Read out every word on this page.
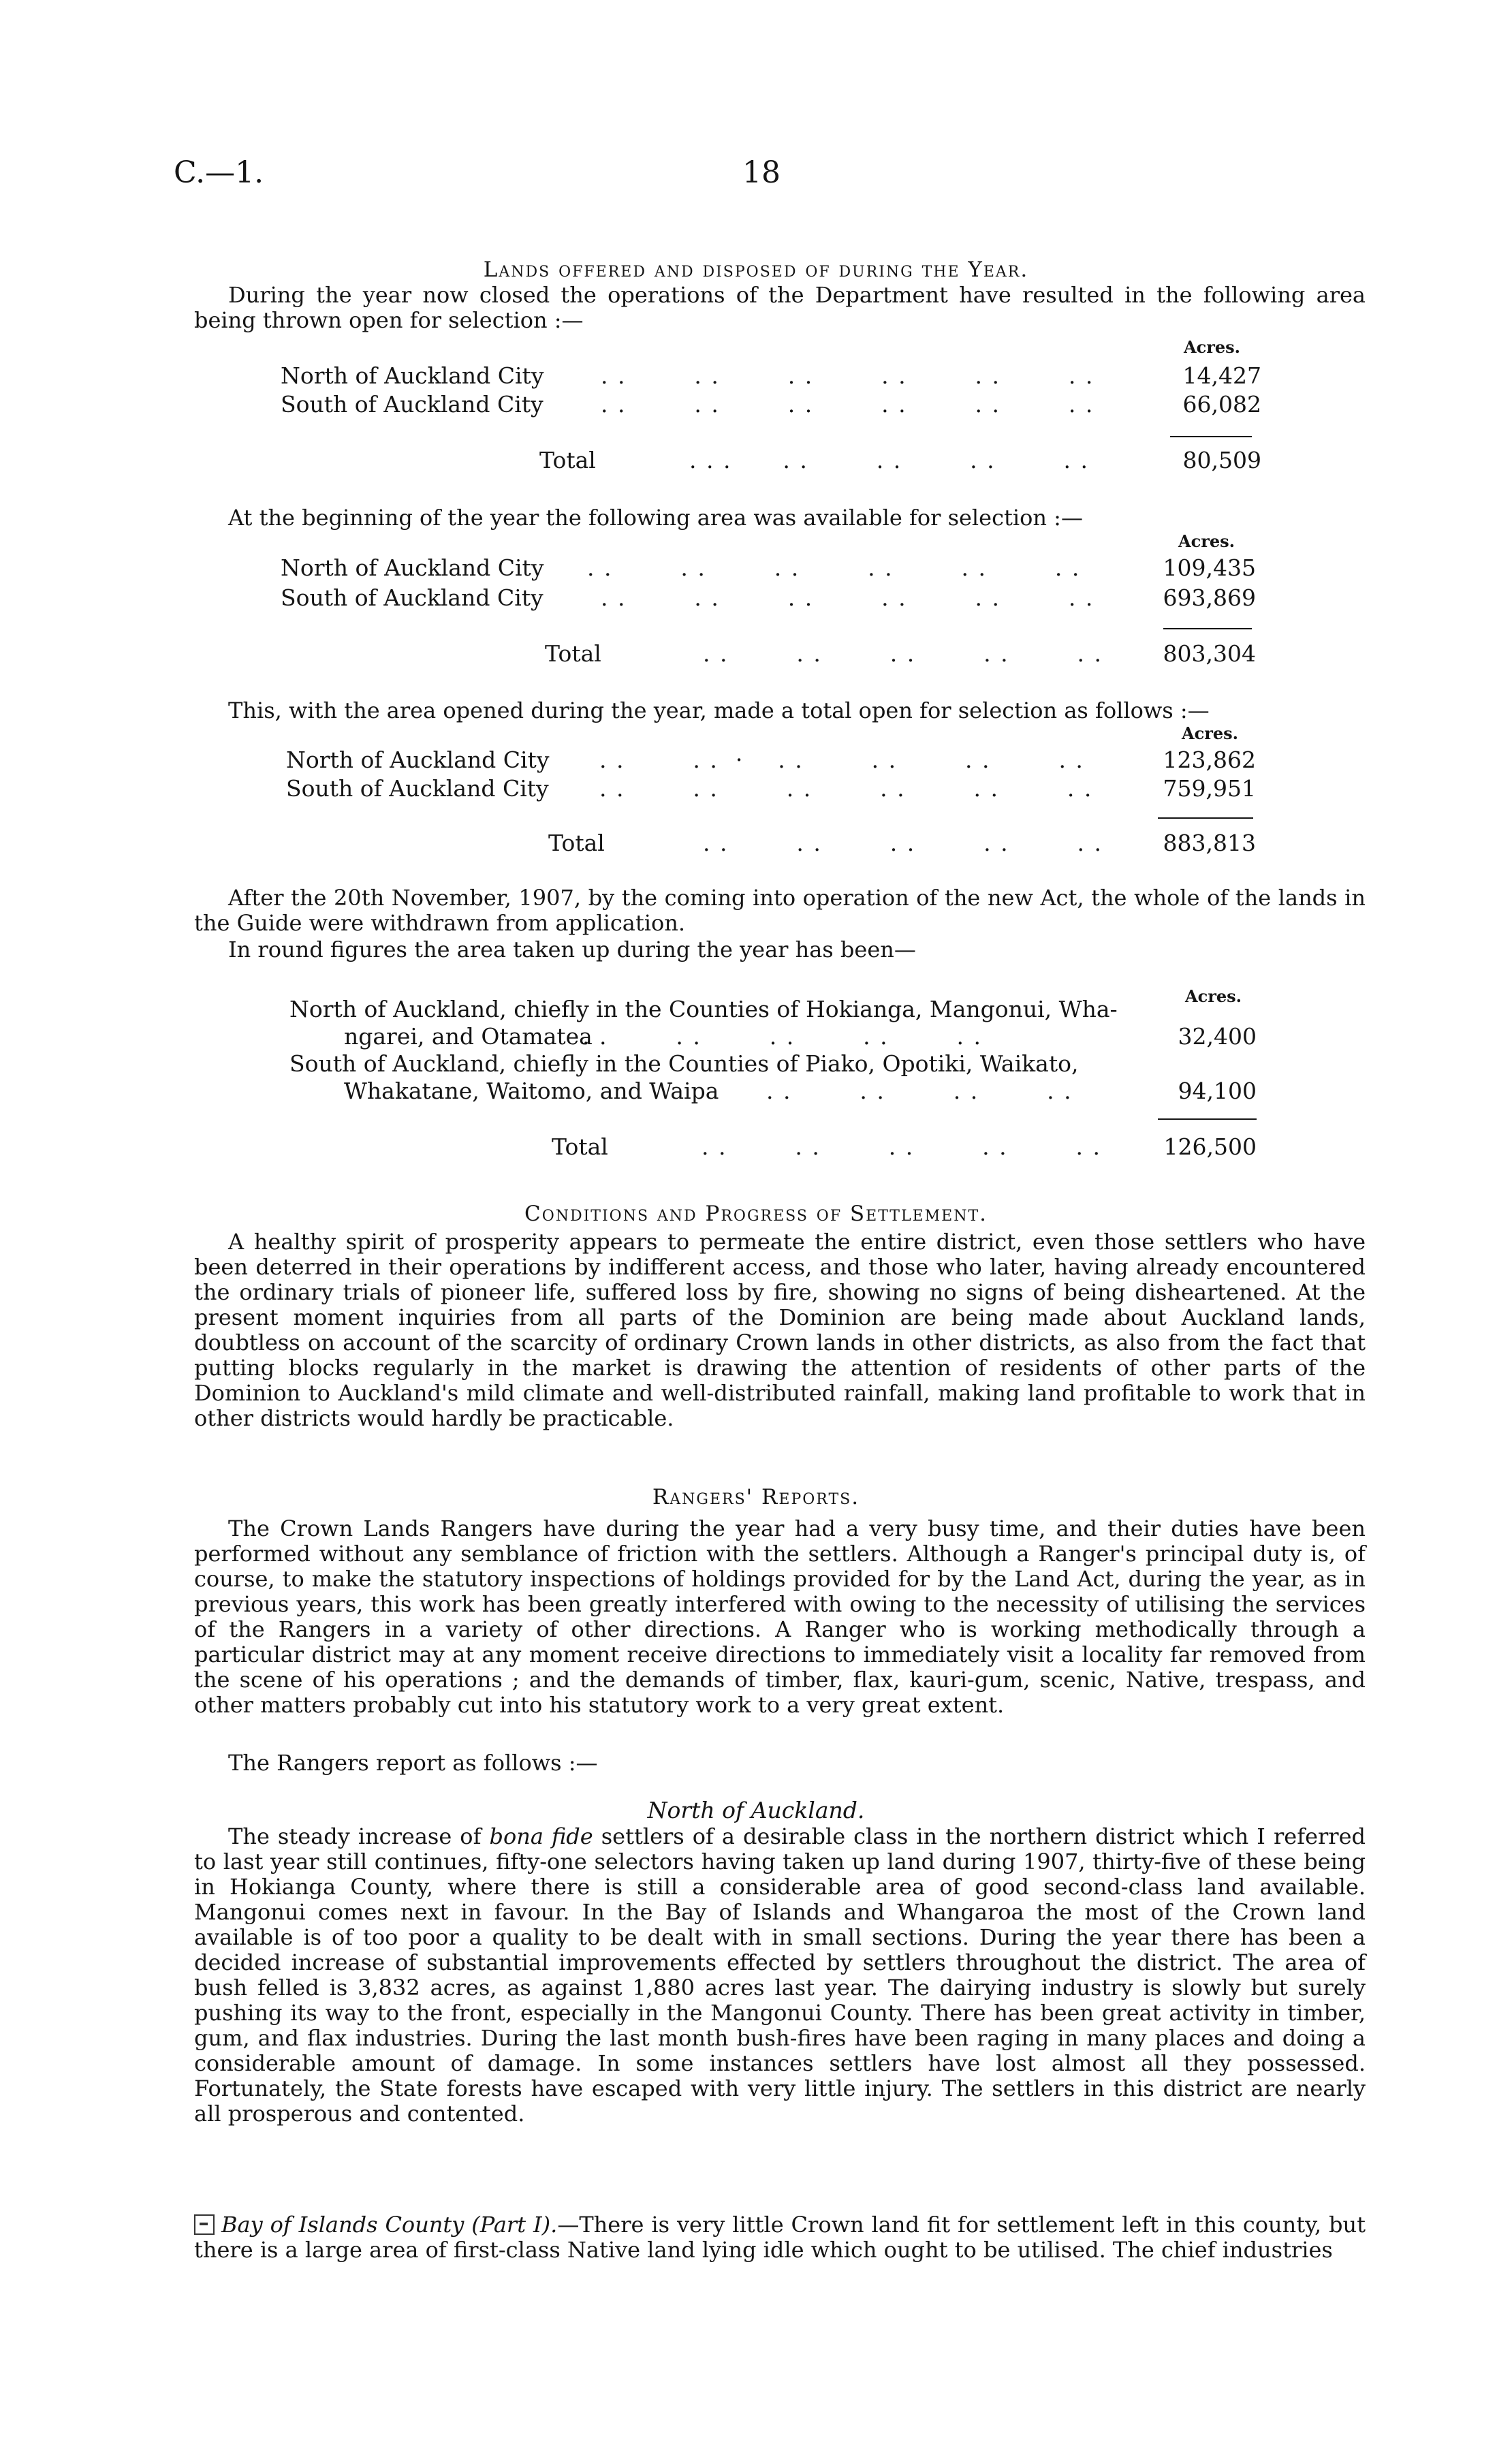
C.—1.	18
Lands offered and disposed of during the Year.
During the year now closed the operations of the Department have resulted in the following area being thrown open for selection :—
Acres.
North of Auckland City	. .        . .        . .        . .        . .        . .	14,427
South of Auckland City	. .        . .        . .        . .        . .        . .	66,082
Total	. . .      . .        . .        . .        . .	80,509
At the beginning of the year the following area was available for selection :—
Acres.
North of Auckland City . .        . .        . .        . .        . .        . .	109,435
South of Auckland City	. .        . .        . .        . .        . .        . .	693,869
Total	. .        . .        . .        . .        . .	803,304
This, with the area opened during the year, made a total open for selection as follows :—
Acres.
North of Auckland City . .        . .  ·    . .        . .        . .        . .	123,862
South of Auckland City . .        . .        . .        . .        . .        . .	759,951
Total	. .        . .        . .        . .        . .	883,813
After the 20th November, 1907, by the coming into operation of the new Act, the whole of the lands in the Guide were withdrawn from application.
In round figures the area taken up during the year has been—
Acres.
North of Auckland, chiefly in the Counties of Hokianga, Mangonui, Wha-
ngarei, and Otamatea
. .        . .        . .        . .        . .	32,400
South of Auckland, chiefly in the Counties of Piako, Opotiki, Waikato,
Whakatane, Waitomo, and Waipa . .        . .        . .        . .	94,100
Total	. .        . .        . .        . .        . .	126,500
Conditions and Progress of Settlement.
A healthy spirit of prosperity appears to permeate the entire district, even those settlers who have been deterred in their operations by indifferent access, and those who later, having already encountered the ordinary trials of pioneer life, suffered loss by fire, showing no signs of being disheartened. At the present moment inquiries from all parts of the Dominion are being made about Auckland lands, doubtless on account of the scarcity of ordinary Crown lands in other districts, as also from the fact that putting blocks regularly in the market is drawing the attention of residents of other parts of the Dominion to Auckland's mild climate and well-distributed rainfall, making land profitable to work that in other districts would hardly be practicable.
Rangers' Reports.
The Crown Lands Rangers have during the year had a very busy time, and their duties have been performed without any semblance of friction with the settlers. Although a Ranger's principal duty is, of course, to make the statutory inspections of holdings provided for by the Land Act, during the year, as in previous years, this work has been greatly interfered with owing to the necessity of utilising the services of the Rangers in a variety of other directions. A Ranger who is working methodically through a particular district may at any moment receive directions to immediately visit a locality far removed from the scene of his operations ; and the demands of timber, flax, kauri-gum, scenic, Native, trespass, and other matters probably cut into his statutory work to a very great extent.
The Rangers report as follows :—
North of Auckland.
The steady increase of bona fide settlers of a desirable class in the northern district which I referred to last year still continues, fifty-one selectors having taken up land during 1907, thirty-five of these being in Hokianga County, where there is still a considerable area of good second-class land available. Mangonui comes next in favour. In the Bay of Islands and Whangaroa the most of the Crown land available is of too poor a quality to be dealt with in small sections. During the year there has been a decided increase of substantial improvements effected by settlers throughout the district. The area of bush felled is 3,832 acres, as against 1,880 acres last year. The dairying industry is slowly but surely pushing its way to the front, especially in the Mangonui County. There has been great activity in timber, gum, and flax industries. During the last month bush-fires have been raging in many places and doing a considerable amount of damage. In some instances settlers have lost almost all they possessed. Fortunately, the State forests have escaped with very little injury. The settlers in this district are nearly all prosperous and contented.
Bay of Islands County (Part I).—There is very little Crown land fit for settlement left in this county, but there is a large area of first-class Native land lying idle which ought to be utilised. The chief industries
